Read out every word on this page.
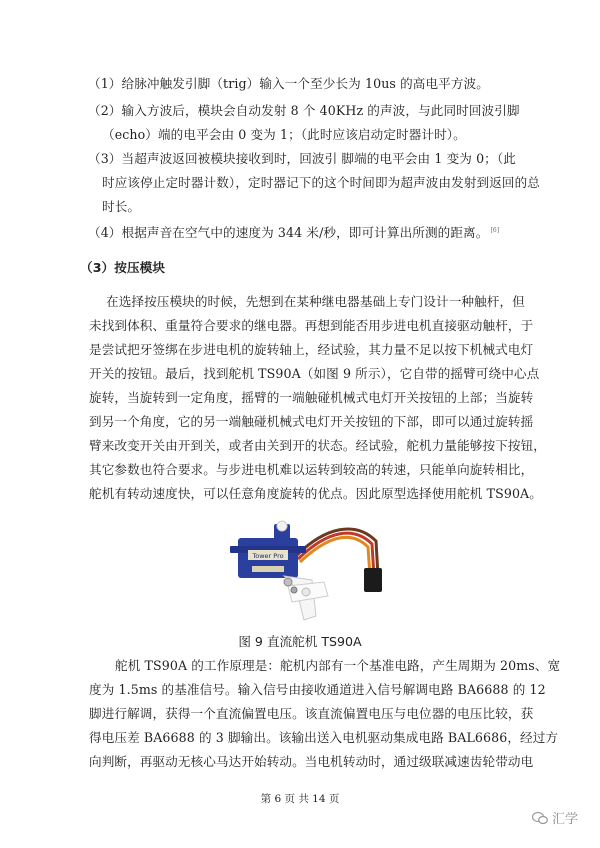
（1）给脉冲触发引脚（trig）输入一个至少长为 10us 的高电平方波。
（2）输入方波后，模块会自动发射 8 个 40KHz 的声波，与此同时回波引脚
（echo）端的电平会由 0 变为 1；（此时应该启动定时器计时）。
（3）当超声波返回被模块接收到时，回波引 脚端的电平会由 1 变为 0；（此
时应该停止定时器计数），定时器记下的这个时间即为超声波由发射到返回的总
时长。
（4）根据声音在空气中的速度为 344 米/秒，即可计算出所测的距离。 [6]
（3）按压模块
在选择按压模块的时候，先想到在某种继电器基础上专门设计一种触杆，但
未找到体积、重量符合要求的继电器。再想到能否用步进电机直接驱动触杆，于
是尝试把牙签绑在步进电机的旋转轴上，经试验，其力量不足以按下机械式电灯
开关的按钮。最后，找到舵机 TS90A（如图 9 所示），它自带的摇臂可绕中心点
旋转，当旋转到一定角度，摇臂的一端触碰机械式电灯开关按钮的上部；当旋转
到另一个角度，它的另一端触碰机械式电灯开关按钮的下部，即可以通过旋转摇
臂来改变开关由开到关，或者由关到开的状态。经试验，舵机力量能够按下按钮，
其它参数也符合要求。与步进电机难以运转到较高的转速，只能单向旋转相比，
舵机有转动速度快，可以任意角度旋转的优点。因此原型选择使用舵机 TS90A。
Tower Pro
图 9 直流舵机 TS90A
舵机 TS90A 的工作原理是：舵机内部有一个基准电路，产生周期为 20ms、宽
度为 1.5ms 的基准信号。输入信号由接收通道进入信号解调电路 BA6688 的 12
脚进行解调，获得一个直流偏置电压。该直流偏置电压与电位器的电压比较，获
得电压差 BA6688 的 3 脚输出。该输出送入电机驱动集成电路 BAL6686，经过方
向判断，再驱动无核心马达开始转动。当电机转动时，通过级联减速齿轮带动电
第 6 页 共 14 页
汇学
